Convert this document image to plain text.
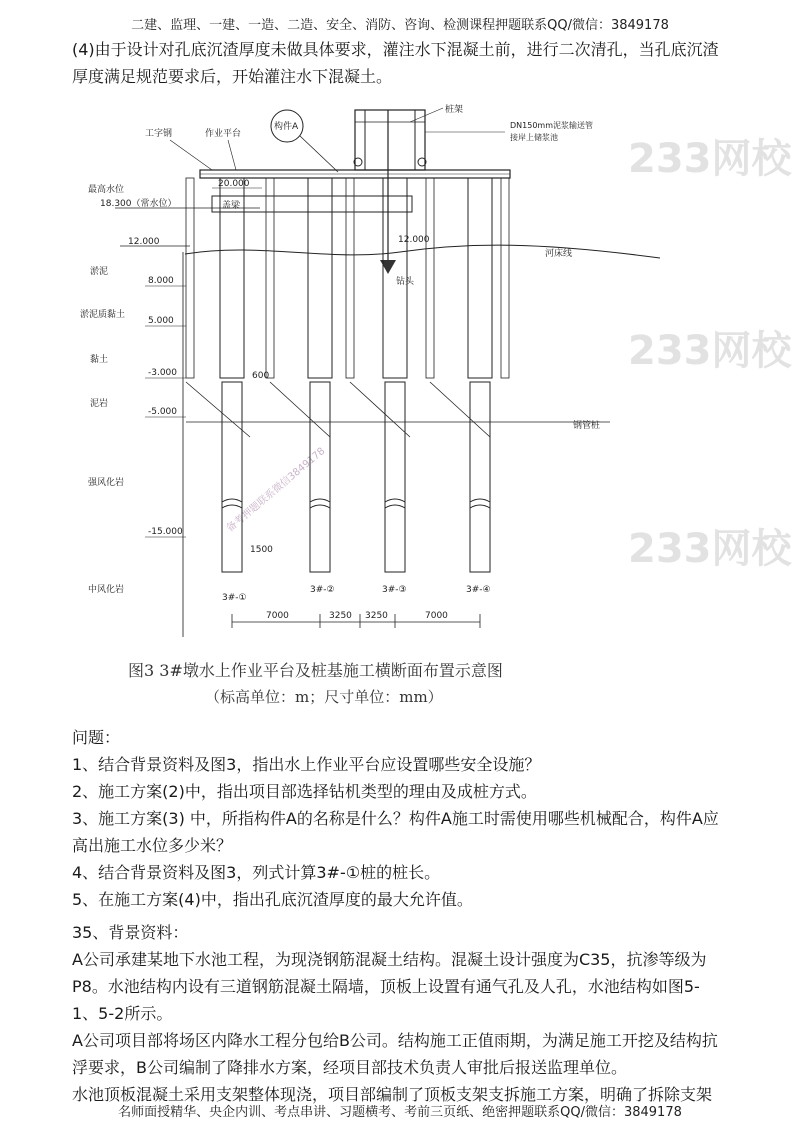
二建、监理、一建、一造、二造、安全、消防、咨询、检测课程押题联系QQ/微信：3849178
(4)由于设计对孔底沉渣厚度未做具体要求，灌注水下混凝土前，进行二次清孔，当孔底沉渣
厚度满足规范要求后，开始灌注水下混凝土。
233网校
233网校
233网校
备考押题联系微信3849178
构件A
工字钢	作业平台
桩架
DN150mm泥浆输送管
接岸上储浆池
最高水位
18.300（常水位）
20.000
盖梁
12.000	12.000
河床线
淤泥
8.000
淤泥质黏土
5.000
钻头
黏土
-3.000	600
泥岩
-5.000
钢管桩
强风化岩
-15.000
1500
中风化岩
3#-①
3#-②	3#-③	3#-④
7000	3250 3250	7000
图3 3#墩水上作业平台及桩基施工横断面布置示意图
（标高单位：m；尺寸单位：mm）
问题：
1、结合背景资料及图3，指出水上作业平台应设置哪些安全设施？
2、施工方案(2)中，指出项目部选择钻机类型的理由及成桩方式。
3、施工方案(3) 中，所指构件A的名称是什么？构件A施工时需使用哪些机械配合，构件A应
高出施工水位多少米？
4、结合背景资料及图3，列式计算3#-①桩的桩长。
5、在施工方案(4)中，指出孔底沉渣厚度的最大允许值。
35、背景资料：
A公司承建某地下水池工程，为现浇钢筋混凝土结构。混凝土设计强度为C35，抗渗等级为
P8。水池结构内设有三道钢筋混凝土隔墙，顶板上设置有通气孔及人孔，水池结构如图5-
1、5-2所示。
A公司项目部将场区内降水工程分包给B公司。结构施工正值雨期，为满足施工开挖及结构抗
浮要求，B公司编制了降排水方案，经项目部技术负责人审批后报送监理单位。
水池顶板混凝土采用支架整体现浇，项目部编制了顶板支架支拆施工方案，明确了拆除支架
名师面授精华、央企内训、考点串讲、习题横考、考前三页纸、绝密押题联系QQ/微信：3849178
